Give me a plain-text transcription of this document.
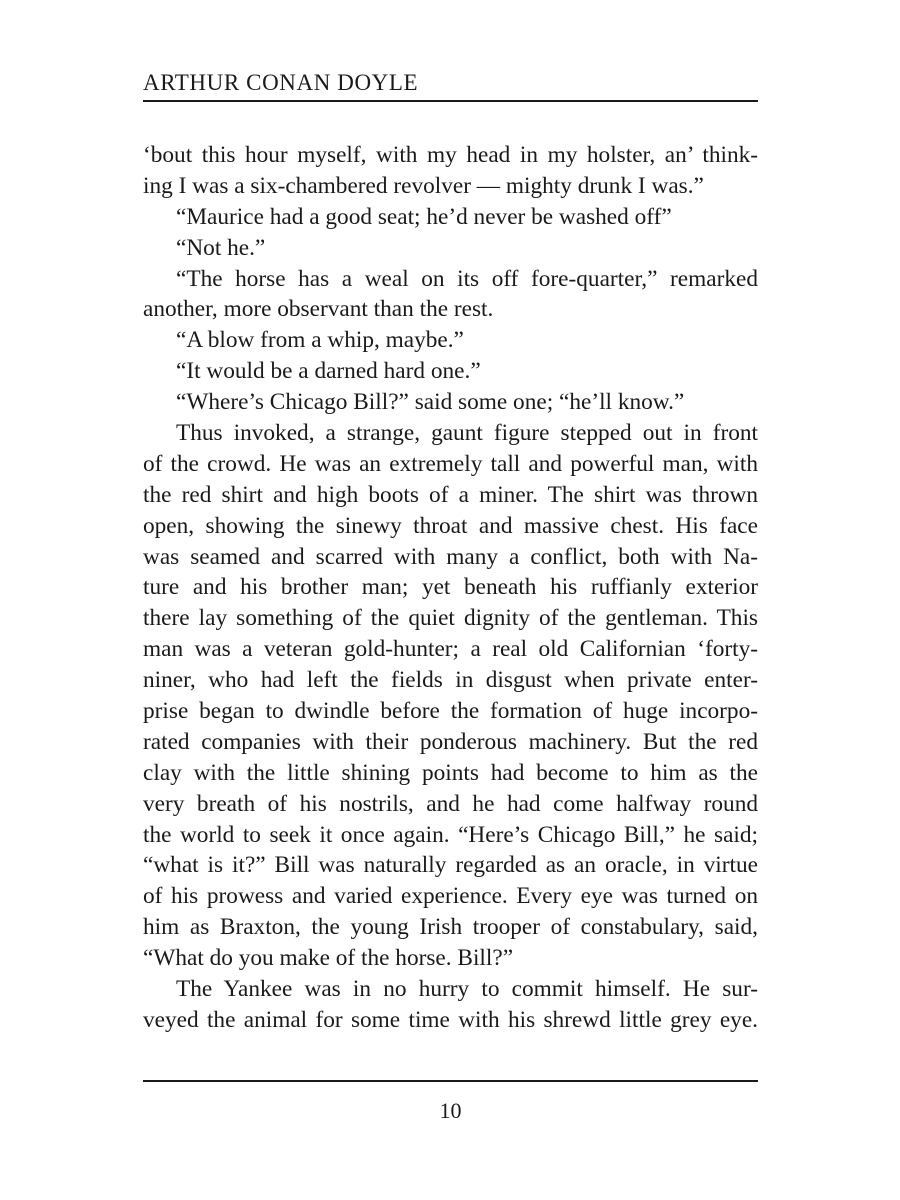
ARTHUR CONAN DOYLE
‘bout this hour myself, with my head in my holster, an’ think-
ing I was a six-chambered revolver — mighty drunk I was.”
“Maurice had a good seat; he’d never be washed off”
“Not he.”
“The horse has a weal on its off fore-quarter,” remarked
another, more observant than the rest.
“A blow from a whip, maybe.”
“It would be a darned hard one.”
“Where’s Chicago Bill?” said some one; “he’ll know.”
Thus invoked, a strange, gaunt figure stepped out in front
of the crowd. He was an extremely tall and powerful man, with
the red shirt and high boots of a miner. The shirt was thrown
open, showing the sinewy throat and massive chest. His face
was seamed and scarred with many a conflict, both with Na-
ture and his brother man; yet beneath his ruffianly exterior
there lay something of the quiet dignity of the gentleman. This
man was a veteran gold-hunter; a real old Californian ‘forty-
niner, who had left the fields in disgust when private enter-
prise began to dwindle before the formation of huge incorpo-
rated companies with their ponderous machinery. But the red
clay with the little shining points had become to him as the
very breath of his nostrils, and he had come halfway round
the world to seek it once again. “Here’s Chicago Bill,” he said;
“what is it?” Bill was naturally regarded as an oracle, in virtue
of his prowess and varied experience. Every eye was turned on
him as Braxton, the young Irish trooper of constabulary, said,
“What do you make of the horse. Bill?”
The Yankee was in no hurry to commit himself. He sur-
veyed the animal for some time with his shrewd little grey eye.
10
